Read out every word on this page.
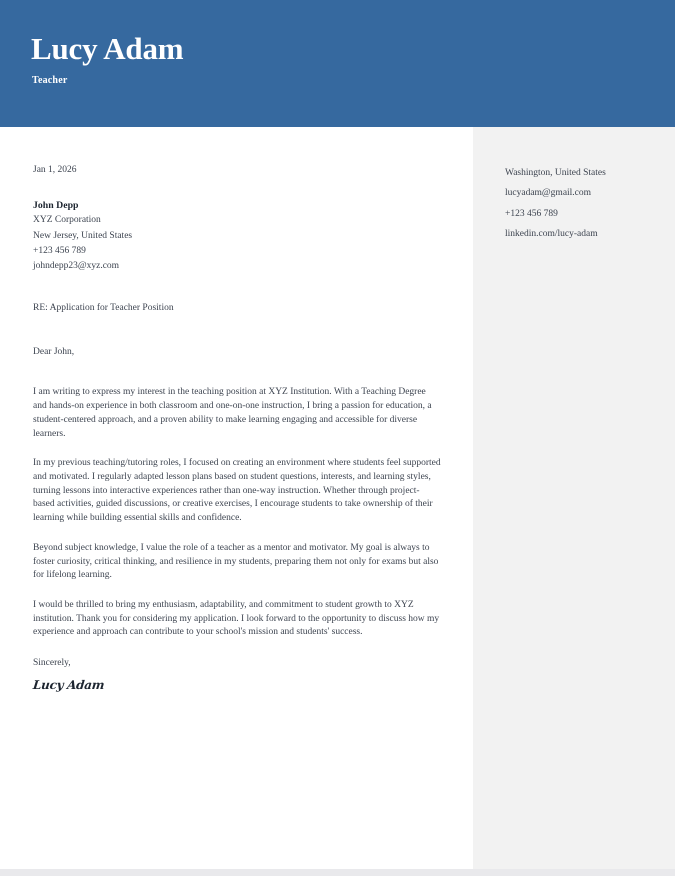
Lucy Adam
Teacher
Jan 1, 2026
John Depp
XYZ Corporation
New Jersey, United States
+123 456 789
johndepp23@xyz.com
RE: Application for Teacher Position
Dear John,

I am writing to express my interest in the teaching position at XYZ Institution. With a Teaching Degree and hands-on experience in both classroom and one-on-one instruction, I bring a passion for education, a student-centered approach, and a proven ability to make learning engaging and accessible for diverse learners.

In my previous teaching/tutoring roles, I focused on creating an environment where students feel supported and motivated. I regularly adapted lesson plans based on student questions, interests, and learning styles, turning lessons into interactive experiences rather than one-way instruction. Whether through project-based activities, guided discussions, or creative exercises, I encourage students to take ownership of their learning while building essential skills and confidence.

Beyond subject knowledge, I value the role of a teacher as a mentor and motivator. My goal is always to foster curiosity, critical thinking, and resilience in my students, preparing them not only for exams but also for lifelong learning.

I would be thrilled to bring my enthusiasm, adaptability, and commitment to student growth to XYZ institution. Thank you for considering my application. I look forward to the opportunity to discuss how my experience and approach can contribute to your school's mission and students' success.

Sincerely,
Lucy Adam
Washington, United States
lucyadam@gmail.com
+123 456 789
linkedin.com/lucy-adam
